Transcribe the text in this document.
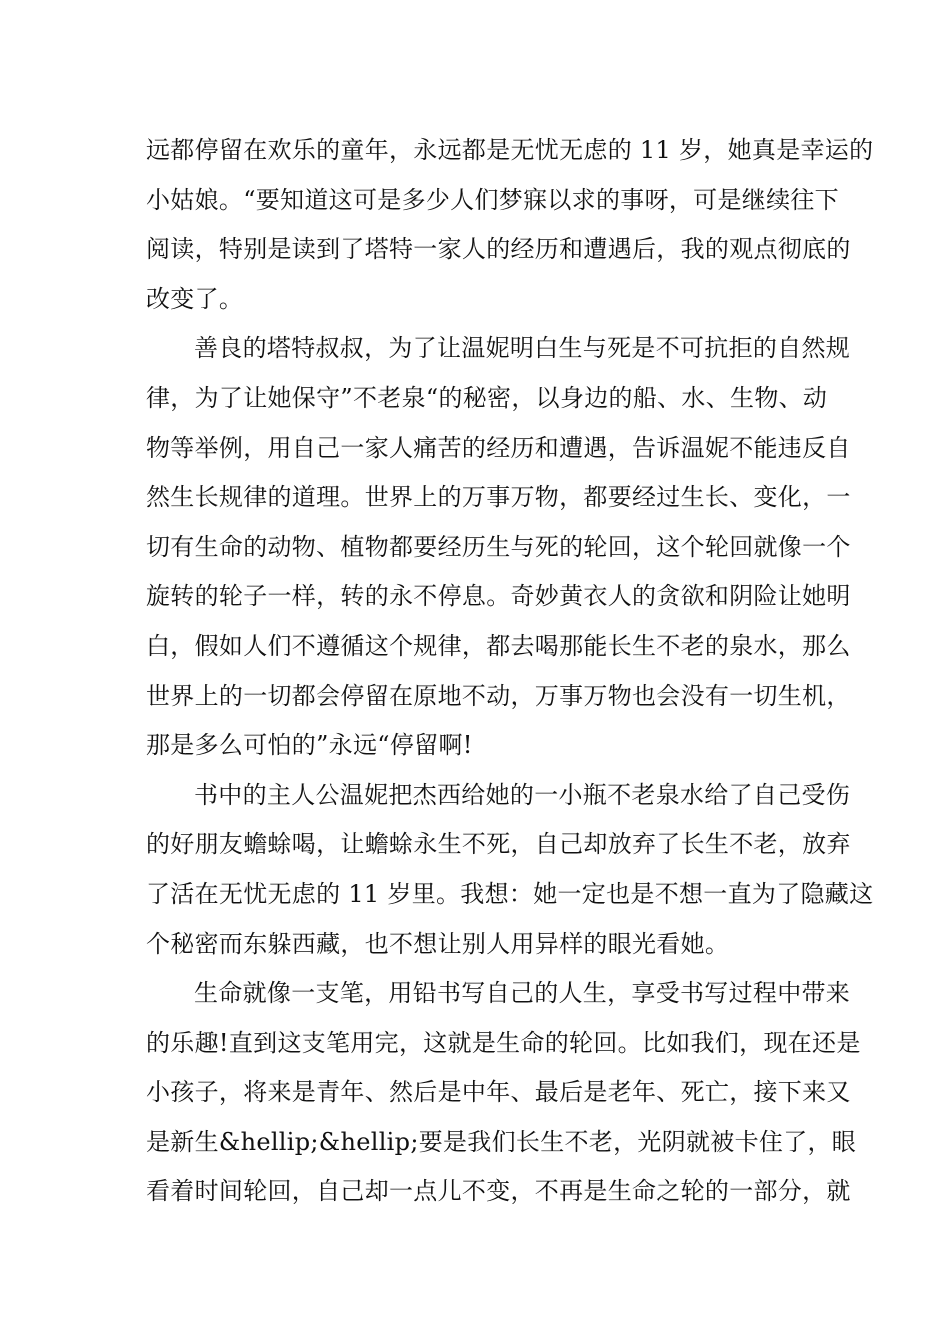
远都停留在欢乐的童年，永远都是无忧无虑的 11 岁，她真是幸运的
小姑娘。“要知道这可是多少人们梦寐以求的事呀，可是继续往下
阅读，特别是读到了塔特一家人的经历和遭遇后，我的观点彻底的
改变了。
善良的塔特叔叔，为了让温妮明白生与死是不可抗拒的自然规
律，为了让她保守”不老泉“的秘密，以身边的船、水、生物、动
物等举例，用自己一家人痛苦的经历和遭遇，告诉温妮不能违反自
然生长规律的道理。世界上的万事万物，都要经过生长、变化，一
切有生命的动物、植物都要经历生与死的轮回，这个轮回就像一个
旋转的轮子一样，转的永不停息。奇妙黄衣人的贪欲和阴险让她明
白，假如人们不遵循这个规律，都去喝那能长生不老的泉水，那么
世界上的一切都会停留在原地不动，万事万物也会没有一切生机，
那是多么可怕的”永远“停留啊!
书中的主人公温妮把杰西给她的一小瓶不老泉水给了自己受伤
的好朋友蟾蜍喝，让蟾蜍永生不死，自己却放弃了长生不老，放弃
了活在无忧无虑的 11 岁里。我想：她一定也是不想一直为了隐藏这
个秘密而东躲西藏，也不想让别人用异样的眼光看她。
生命就像一支笔，用铅书写自己的人生，享受书写过程中带来
的乐趣!直到这支笔用完，这就是生命的轮回。比如我们，现在还是
小孩子，将来是青年、然后是中年、最后是老年、死亡，接下来又
是新生&hellip;&hellip;要是我们长生不老，光阴就被卡住了，眼
看着时间轮回，自己却一点儿不变，不再是生命之轮的一部分，就
